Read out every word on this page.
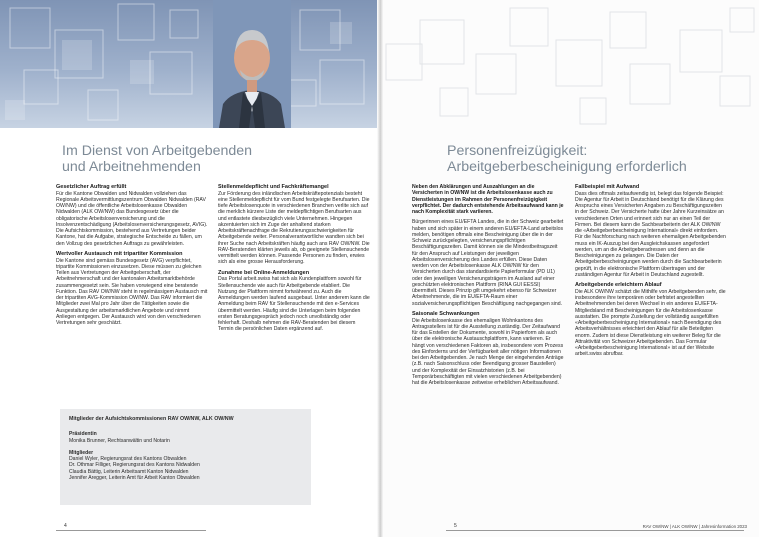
Im Dienst von Arbeitgebenden
und Arbeitnehmenden
Gesetzlicher Auftrag erfüllt

Für die Kantone Obwalden und Nidwalden vollziehen das Regionale Arbeitsvermittlungszentrum Obwalden Nidwalden (RAV OW/NW) und die öffentliche Arbeitslosenkasse Obwalden Nidwalden (ALK OW/NW) das Bundesgesetz über die obligatorische Arbeitslosenversicherung und die Insolvenzentschädigung (Arbeitslosenversicherungsgesetz, AVIG). Die Aufsichtskommission, bestehend aus Vertretungen beider Kantone, hat die Aufgabe, strategische Entscheide zu fällen, um den Vollzug des gesetzlichen Auftrags zu gewährleisten.

Wertvoller Austausch mit tripartiter Kommission

Die Kantone sind gemäss Bundesgesetz (AVG) verpflichtet, tripartite Kommissionen einzusetzen. Diese müssen zu gleichen Teilen aus Vertretungen der Arbeitgeberschaft, der Arbeitnehmerschaft und der kantonalen Arbeitsmarktbehörde zusammengesetzt sein. Sie haben vorwiegend eine beratende Funktion. Das RAV OW/NW steht in regelmässigem Austausch mit der tripartiten AVG-Kommission OW/NW. Das RAV informiert die Mitglieder zwei Mal pro Jahr über die Tätigkeiten sowie die Ausgestaltung der arbeitsmarktlichen Angebote und nimmt Anliegen entgegen. Der Austausch wird von den verschiedenen Vertretungen sehr geschätzt.

Stellenmeldepflicht und Fachkräftemangel

Zur Förderung des inländischen Arbeitskräftepotenzials besteht eine Stellenmeldepflicht für vom Bund festgelegte Berufsarten. Die tiefe Arbeitslosenquote in verschiedenen Branchen verlite sich auf die merklich kürzere Liste der meldepflichtigen Berufsarten aus und entlastete diesbezüglich viele Unternehmen. Hingegen akzentuierten sich im Zuge der anhaltend starken Arbeitskräftenachfrage die Rekrutierungsschwierigkeiten für Arbeitgebende weiter. Personalverantwortliche wandten sich bei ihrer Suche nach Arbeitskräften häufig auch ans RAV OW/NW. Die RAV-Beratenden klärten jeweils ab, ob geeignete Stellensuchende vermittelt werden können. Passende Personen zu finden, erwies sich als eine grosse Herausforderung.

Zunahme bei Online-Anmeldungen

Das Portal arbeit.swiss hat sich als Kundenplattform sowohl für Stellensuchende wie auch für Arbeitgebende etabliert. Die Nutzung der Plattform nimmt fortwährend zu. Auch die Anmeldungen werden laufend ausgebaut. Unter anderem kann die Anmeldung beim RAV für Stellensuchende mit den e-Services übermittelt werden. Häufig sind die Unterlagen beim folgenden ersten Beratungsgespräch jedoch noch unvollständig oder fehlerhaft. Deshalb nehmen die RAV-Beratenden bei diesem Termin die persönlichen Daten ergänzend auf.

Mitglieder der Aufsichtskommissionen RAV OW/NW, ALK OW/NW
Präsidentin
Monika Brunner, Rechtsanwältin und Notarin
Mitglieder
Daniel Wyler, Regierungsrat des Kantons Obwalden
Dr. Othmar Filliger, Regierungsrat des Kantons Nidwalden
Claudia Bättig, Leiterin Arbeitsamt Kanton Nidwalden
Jennifer Aregger, Leiterin Amt für Arbeit Kanton Obwalden
4
Personenfreizügigkeit:
Arbeitgeberbescheinigung erforderlich

Neben den Abklärungen und Auszahlungen an die Versicherten in OW/NW ist die Arbeitslosenkasse auch zu Dienstleistungen im Rahmen der Personenfreizügigkeit verpflichtet. Der dadurch entstehende Arbeitsaufwand kann je nach Komplexität stark variieren.

Bürgerinnen eines EU/EFTA Landes, die in der Schweiz gearbeitet haben und sich später in einem anderen EU/EFTA-Land arbeitslos melden, benötigen oftmals eine Bescheinigung über die in der Schweiz zurückgelegten, versicherungspflichtigen Beschäftigungszeiten. Damit können sie die Mindestbeitragszeit für den Anspruch auf Leistungen der jeweiligen Arbeitslosenversicherung des Landes erfüllen. Diese Daten werden von der Arbeitslosenkasse ALK OW/NW für den Versicherten durch das standardisierte Papierformular (PD U1) oder den jeweiligen Versicherungsträgern im Ausland auf einer geschützten elektronischen Plattform (RINA GUI EESSI) übermittelt. Dieses Prinzip gilt umgekehrt ebenso für Schweizer Arbeitnehmende, die im EU/EFTA-Raum einer sozialversicherungspflichtigen Beschäftigung nachgegangen sind.

Saisonale Schwankungen

Die Arbeitslosenkasse des ehemaligen Wohnkantons des Antragsstellers ist für die Ausstellung zuständig. Der Zeitaufwand für das Erstellen der Dokumente, sowohl in Papierform als auch über die elektronische Austauschplattform, kann variieren. Er hängt von verschiedenen Faktoren ab, insbesondere vom Prozess des Einforderns und der Verfügbarkeit aller nötigen Informationen bei den Arbeitgebenden. Je nach Menge der eingehenden Anträge (z.B. nach Saisonschluss oder Beendigung grosser Baustellen) und der Komplexität der Einsatzhistorien (z.B. bei Temporärbeschäftigten mit vielen verschiedenen Arbeitgebenden) hat die Arbeitslosenkasse zeitweise erheblichen Arbeitsaufwand.

Fallbeispiel mit Aufwand

Dass dies oftmals zeitaufwendig ist, belegt das folgende Beispiel: Die Agentur für Arbeit in Deutschland benötigt für die Klärung des Anspruchs eines Versicherten Angaben zu Beschäftigungszeiten in der Schweiz. Der Versicherte hatte über Jahre Kurzeinsätze an verschiedenen Orten und erinnert sich nur an einen Teil der Firmen. Bei diesem kann die Sachbearbeiterin der ALK OW/NW die «Arbeitgeberbescheinigung International» direkt einfordern. Für die Nachforschung nach weiteren ehemaligen Arbeitgebenden muss ein IK-Auszug bei den Ausgleichskassen angefordert werden, um an die Arbeitgeberadressen und denn an die Bescheinigungen zu gelangen. Die Daten der Arbeitgeberbescheinigungen werden durch die Sachbearbeiterin geprüft, in die elektronische Plattform übertragen und der zuständigen Agentur für Arbeit in Deutschland zugestellt.

Arbeitgebende erleichtern Ablauf

Die ALK OW/NW schätzt die Mithilfe von Arbeitgebenden sehr, die insbesondere ihre temporären oder befristet angestellten Arbeitnehmenden bei deren Wechsel in ein anderes EU/EFTA-Mitgliedsland mit Bescheinigungen für die Arbeitslosenkasse ausstatten. Die prompte Zustellung der vollständig ausgefüllten «Arbeitgeberbescheinigung International» nach Beendigung des Arbeitsverhältnisses erleichtert den Ablauf für alle Beteiligten enorm. Zudem ist diese Dienstleistung ein weiterer Beleg für die Attraktivität von Schweizer Arbeitgebenden. Das Formular «Arbeitgeberbescheinigung International» ist auf der Website arbeit.swiss abrufbar.

5	RAV OW/NW | ALK OW/NW | Jahresinformation 2023
